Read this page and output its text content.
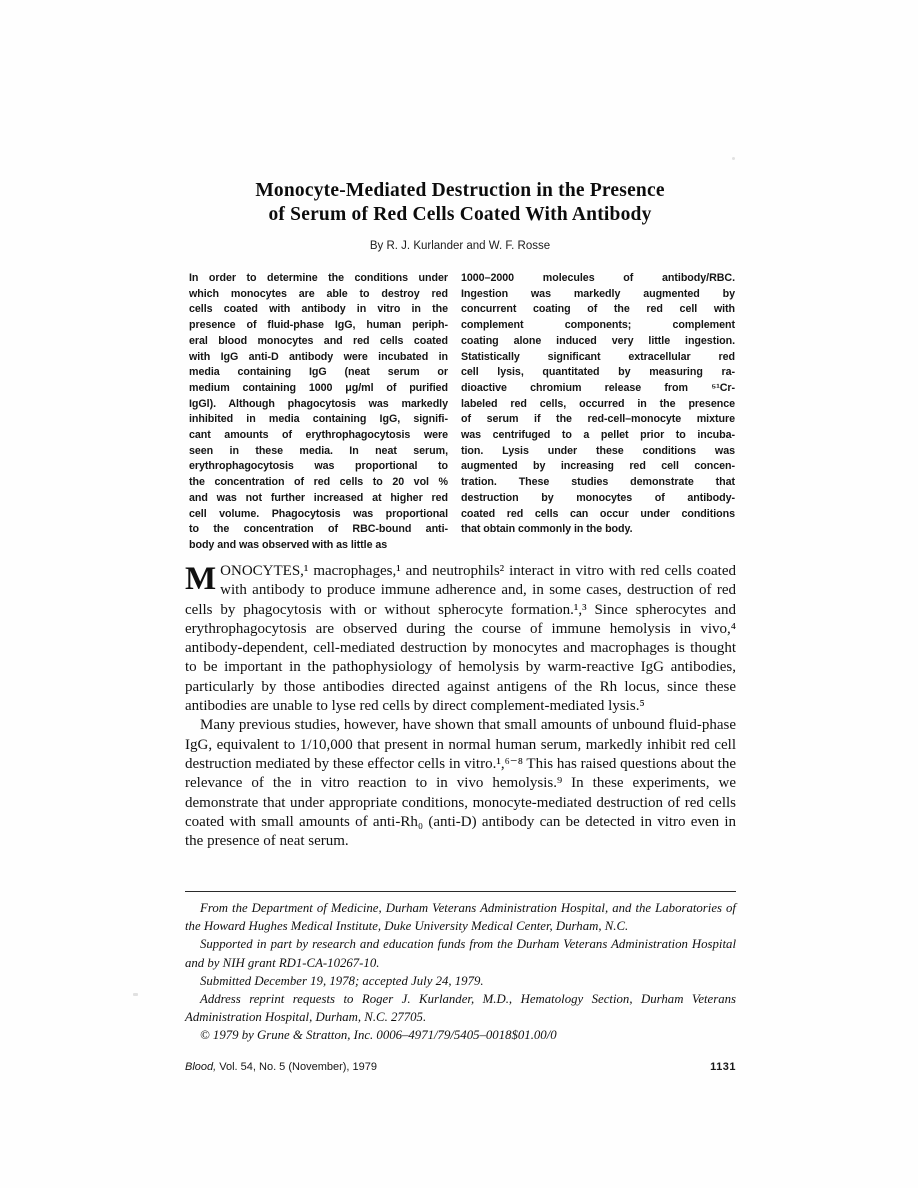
Monocyte-Mediated Destruction in the Presence
of Serum of Red Cells Coated With Antibody
By R. J. Kurlander and W. F. Rosse
In order to determine the conditions under
which monocytes are able to destroy red
cells coated with antibody in vitro in the
presence of fluid-phase IgG, human periph-
eral blood monocytes and red cells coated
with IgG anti-D antibody were incubated in
media containing IgG (neat serum or
medium containing 1000 μg/ml of purified
IgGl). Although phagocytosis was markedly
inhibited in media containing IgG, signifi-
cant amounts of erythrophagocytosis were
seen in these media. In neat serum,
erythrophagocytosis was proportional to
the concentration of red cells to 20 vol %
and was not further increased at higher red
cell volume. Phagocytosis was proportional
to the concentration of RBC-bound anti-
body and was observed with as little as
1000–2000 molecules of antibody/RBC.
Ingestion was markedly augmented by
concurrent coating of the red cell with
complement components; complement
coating alone induced very little ingestion.
Statistically significant extracellular red
cell lysis, quantitated by measuring ra-
dioactive chromium release from ⁵¹Cr-
labeled red cells, occurred in the presence
of serum if the red-cell–monocyte mixture
was centrifuged to a pellet prior to incuba-
tion. Lysis under these conditions was
augmented by increasing red cell concen-
tration. These studies demonstrate that
destruction by monocytes of antibody-
coated red cells can occur under conditions
that obtain commonly in the body.

MONOCYTES,¹ macrophages,¹ and neutrophils² interact in vitro with red cells coated with antibody to produce immune adherence and, in some cases, destruction of red cells by phagocytosis with or without spherocyte formation.¹,³ Since spherocytes and erythrophagocytosis are observed during the course of immune hemolysis in vivo,⁴ antibody-dependent, cell-mediated destruction by monocytes and macrophages is thought to be important in the pathophysiology of hemolysis by warm-reactive IgG antibodies, particularly by those antibodies directed against antigens of the Rh locus, since these antibodies are unable to lyse red cells by direct complement-mediated lysis.⁵

Many previous studies, however, have shown that small amounts of unbound fluid-phase IgG, equivalent to 1/10,000 that present in normal human serum, markedly inhibit red cell destruction mediated by these effector cells in vitro.¹,⁶⁻⁸ This has raised questions about the relevance of the in vitro reaction to in vivo hemolysis.⁹ In these experiments, we demonstrate that under appropriate conditions, monocyte-mediated destruction of red cells coated with small amounts of anti-Rh₀ (anti-D) antibody can be detected in vitro even in the presence of neat serum.

From the Department of Medicine, Durham Veterans Administration Hospital, and the Laboratories of the Howard Hughes Medical Institute, Duke University Medical Center, Durham, N.C.

Supported in part by research and education funds from the Durham Veterans Administration Hospital and by NIH grant RD1-CA-10267-10.

Submitted December 19, 1978; accepted July 24, 1979.

Address reprint requests to Roger J. Kurlander, M.D., Hematology Section, Durham Veterans Administration Hospital, Durham, N.C. 27705.

© 1979 by Grune & Stratton, Inc. 0006–4971/79/5405–0018$01.00/0

Blood, Vol. 54, No. 5 (November), 1979	1131
